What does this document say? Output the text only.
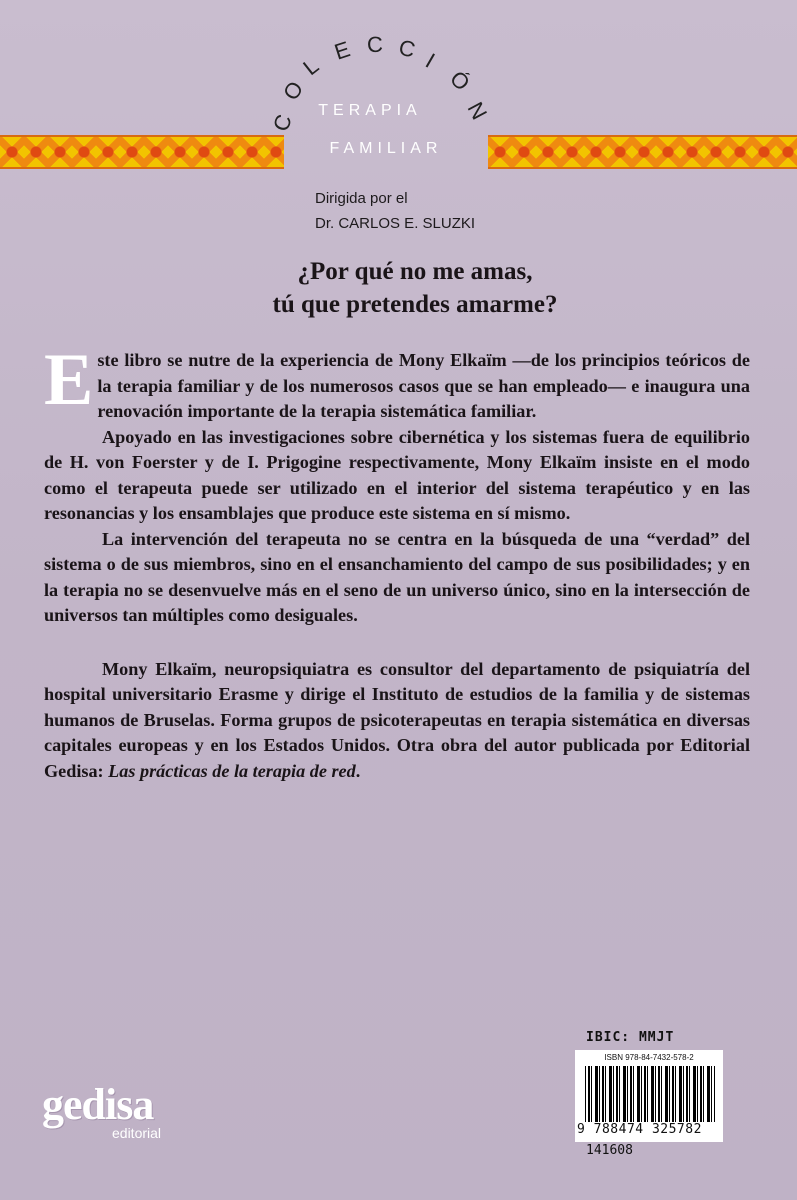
C
O
L
E C C I
Ó
N
TERAPIA
FAMILIAR
Dirigida por el
Dr. CARLOS E. SLUZKI
¿Por qué no me amas,
tú que pretendes amarme?

Este libro se nutre de la experiencia de Mony Elkaïm —de los principios teóricos de la terapia familiar y de los numerosos casos que se han empleado— e inaugura una renovación importante de la terapia sistemática familiar.

Apoyado en las investigaciones sobre cibernética y los sistemas fuera de equilibrio de H. von Foerster y de I. Prigogine respectivamente, Mony Elkaïm insiste en el modo como el terapeuta puede ser utilizado en el interior del sistema terapéutico y en las resonancias y los ensamblajes que produce este sistema en sí mismo.

La intervención del terapeuta no se centra en la búsqueda de una “verdad” del sistema o de sus miembros, sino en el ensanchamiento del campo de sus posibilidades; y en la terapia no se desenvuelve más en el seno de un universo único, sino en la intersección de universos tan múltiples como desiguales.

Mony Elkaïm, neuropsiquiatra es consultor del departamento de psiquiatría del hospital universitario Erasme y dirige el Instituto de estudios de la familia y de sistemas humanos de Bruselas. Forma grupos de psicoterapeutas en terapia sistemática en diversas capitales europeas y en los Estados Unidos. Otra obra del autor publicada por Editorial Gedisa: Las prácticas de la terapia de red.

IBIC: MMJT
ISBN 978-84-7432-578-2
9 788474 325782
141608
gedisa
editorial
